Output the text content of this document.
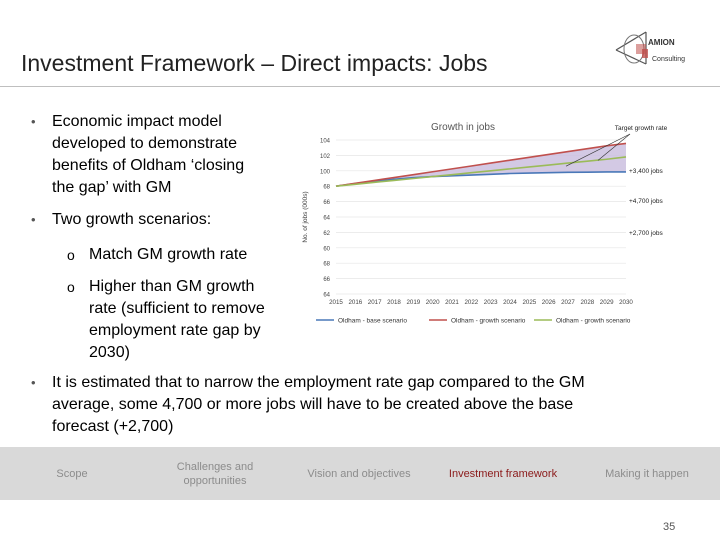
Investment Framework – Direct impacts: Jobs
AMION
Consulting
• Economic impact model
developed to demonstrate
benefits of Oldham ‘closing
the gap’ with GM
• Two growth scenarios:
o Match GM growth rate
o Higher than GM growth
rate (sufficient to remove
employment rate gap by
2030)
• It is estimated that to narrow the employment rate gap compared to the GM
average, some 4,700 or more jobs will have to be created above the base
forecast (+2,700)
Growth in jobs
No. of jobs (000s)
64
66
68
60
62
64
66
68
100
102
104
2015 2016 2017 2018 2019 2020 2021 2022 2023 2024 2025 2026 2027 2028 2029 2030
Target growth rate
+3,400 jobs
+4,700 jobs
+2,700 jobs
Oldham - base scenario	Oldham - growth scenario	Oldham - growth scenario
Scope
Challenges and
opportunities
Vision and objectives	Investment framework	Making it happen
35
